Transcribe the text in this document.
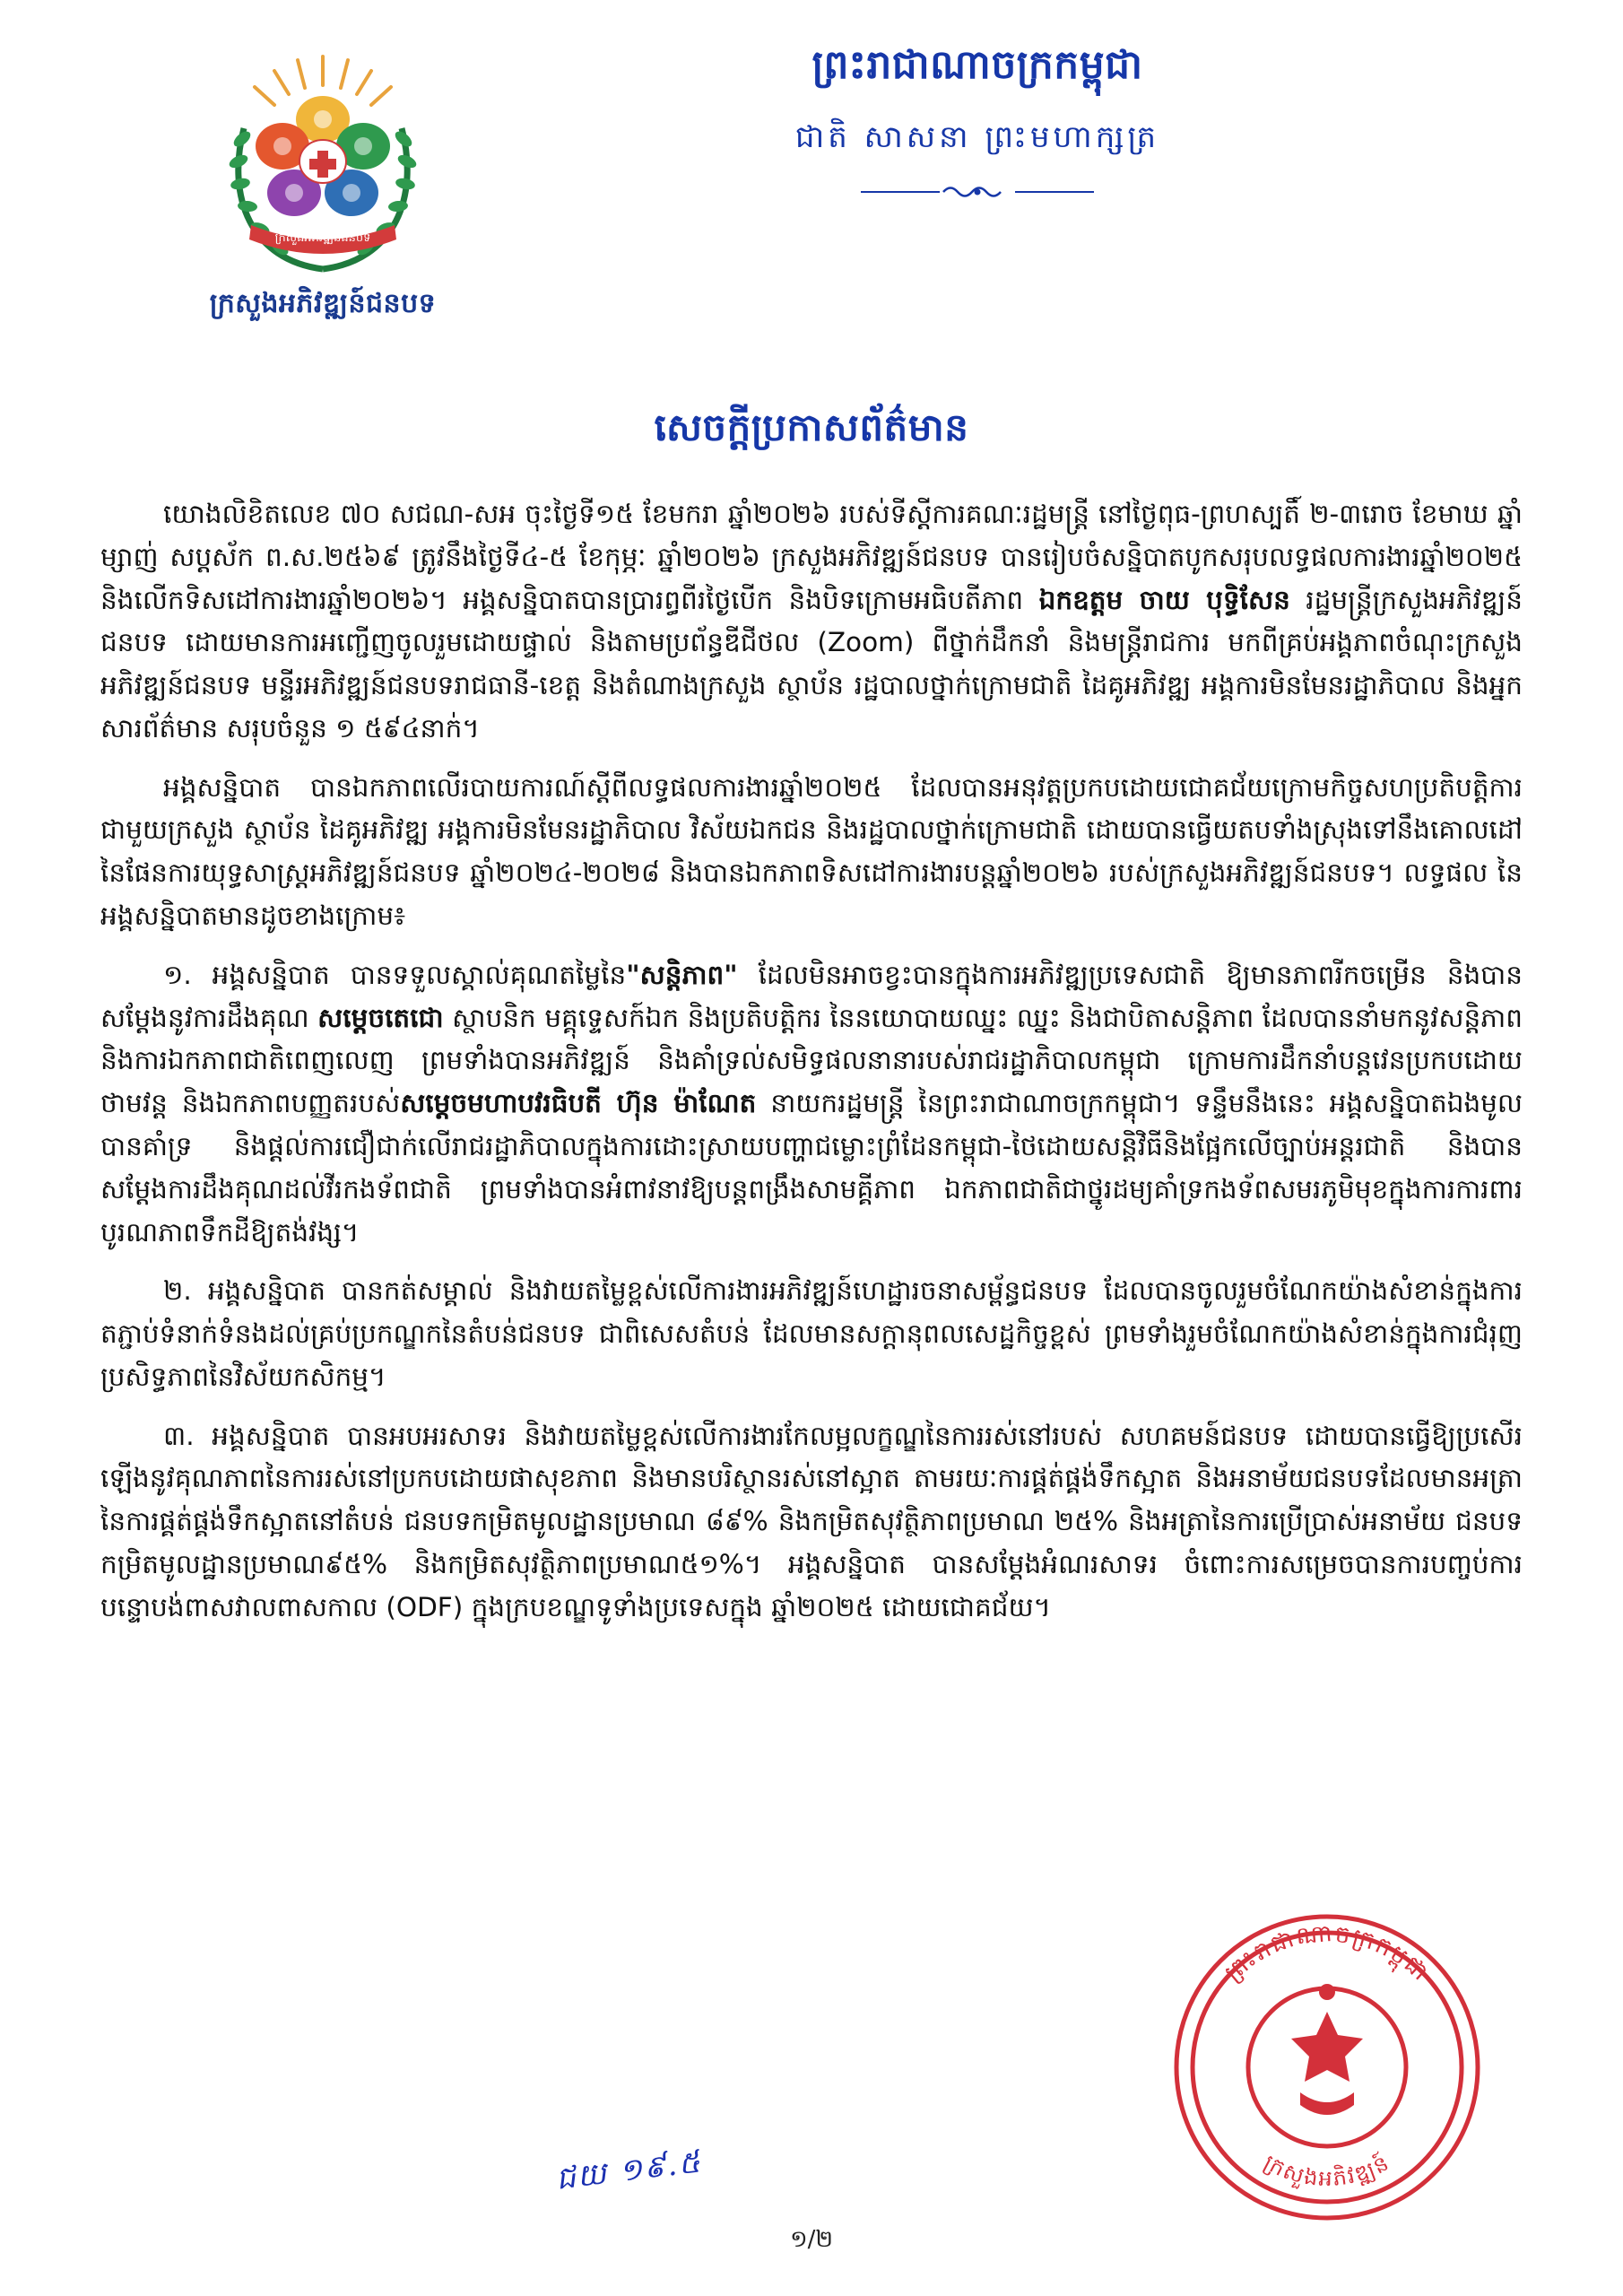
ក្រសួងអភិវឌ្ឍន៍ជនបទ
ក្រសួងអភិវឌ្ឍន៍ជនបទ
ព្រះរាជាណាចក្រកម្ពុជា
ជាតិ សាសនា ព្រះមហាក្សត្រ
សេចក្តីប្រកាសព័ត៌មាន

យោងលិខិតលេខ ៧០ សជណ-សអ ចុះថ្ងៃទី១៥ ខែមករា ឆ្នាំ២០២៦ របស់ទីស្តីការគណៈរដ្ឋមន្ត្រី នៅថ្ងៃពុធ-ព្រហស្បតិ៍ ២-៣រោច ខែមាឃ ឆ្នាំម្សាញ់ សប្តស័ក ព.ស.២៥៦៩ ត្រូវនឹងថ្ងៃទី៤-៥ ខែកុម្ភៈ ឆ្នាំ២០២៦ ក្រសួងអភិវឌ្ឍន៍ជនបទ បានរៀបចំសន្និបាតបូកសរុបលទ្ធផលការងារឆ្នាំ២០២៥ និងលើកទិសដៅការងារឆ្នាំ២០២៦។ អង្គសន្និបាតបានប្រារព្ធពីរថ្ងៃបើក និងបិទក្រោមអធិបតីភាព ឯកឧត្តម ចាយ បុទ្ធិសែន រដ្ឋមន្ត្រីក្រសួងអភិវឌ្ឍន៍ជនបទ ដោយមានការអញ្ជើញចូលរួមដោយផ្ទាល់ និងតាមប្រព័ន្ធឌីជីថល (Zoom) ពីថ្នាក់ដឹកនាំ និងមន្ត្រីរាជការ មកពីគ្រប់អង្គភាពចំណុះក្រសួងអភិវឌ្ឍន៍ជនបទ មន្ទីរអភិវឌ្ឍន៍ជនបទរាជធានី-ខេត្ត និងតំណាងក្រសួង ស្ថាប័ន រដ្ឋបាលថ្នាក់ក្រោមជាតិ ដៃគូអភិវឌ្ឍ អង្គការមិនមែនរដ្ឋាភិបាល និងអ្នកសារព័ត៌មាន សរុបចំនួន ១ ៥៩៤នាក់។

អង្គសន្និបាត បានឯកភាពលើរបាយការណ៍ស្តីពីលទ្ធផលការងារឆ្នាំ២០២៥ ដែលបានអនុវត្តប្រកបដោយជោគជ័យក្រោមកិច្ចសហប្រតិបត្តិការជាមួយក្រសួង ស្ថាប័ន ដៃគូអភិវឌ្ឍ អង្គការមិនមែនរដ្ឋាភិបាល វិស័យឯកជន និងរដ្ឋបាលថ្នាក់ក្រោមជាតិ ដោយបានធ្វើយតបទាំងស្រុងទៅនឹងគោលដៅនៃផែនការយុទ្ធសាស្ត្រអភិវឌ្ឍន៍ជនបទ ឆ្នាំ២០២៤-២០២៨ និងបានឯកភាពទិសដៅការងារបន្តឆ្នាំ២០២៦ របស់ក្រសួងអភិវឌ្ឍន៍ជនបទ។ លទ្ធផល នៃអង្គសន្និបាតមានដូចខាងក្រោម៖

១. អង្គសន្និបាត បានទទួលស្គាល់គុណតម្លៃនៃ"សន្តិភាព" ដែលមិនអាចខ្វះបានក្នុងការអភិវឌ្ឍប្រទេសជាតិ ឱ្យមានភាពរីកចម្រើន និងបានសម្តែងនូវការដឹងគុណ សម្តេចតេជោ ស្ថាបនិក មគ្គុទ្ទេសក៍ឯក និងប្រតិបត្តិករ នៃនយោបាយឈ្នះ ឈ្នះ និងជាបិតាសន្តិភាព ដែលបាននាំមកនូវសន្តិភាពនិងការឯកភាពជាតិពេញលេញ ព្រមទាំងបានអភិវឌ្ឍន៍ និងគាំទ្រល់សមិទ្ធផលនានារបស់រាជរដ្ឋាភិបាលកម្ពុជា ក្រោមការដឹកនាំបន្តវេនប្រកបដោយថាមវន្ត និងឯកភាពបញ្ញតរបស់សម្តេចមហាបវរធិបតី ហ៊ុន ម៉ាណែត នាយករដ្ឋមន្ត្រី នៃព្រះរាជាណាចក្រកម្ពុជា។ ទន្ទឹមនឹងនេះ អង្គសន្និបាតឯងមូលបានគាំទ្រ និងផ្តល់ការជឿជាក់លើរាជរដ្ឋាភិបាលក្នុងការដោះស្រាយបញ្ហាជម្លោះព្រំដែនកម្ពុជា-ថៃដោយសន្តិវិធីនិងផ្អែកលើច្បាប់អន្តរជាតិ និងបានសម្តែងការដឹងគុណដល់វីរកងទ័ពជាតិ ព្រមទាំងបានអំពាវនាវឱ្យបន្តពង្រឹងសាមគ្គីភាព ឯកភាពជាតិជាថ្នូរដម្យគាំទ្រកងទ័ពសមរភូមិមុខក្នុងការការពារ បូរណភាពទឹកដីឱ្យតង់វង្ស។

២. អង្គសន្និបាត បានកត់សម្គាល់ និងវាយតម្លៃខ្ពស់លើការងារអភិវឌ្ឍន៍ហេដ្ឋារចនាសម្ព័ន្ធជនបទ ដែលបានចូលរួមចំណែកយ៉ាងសំខាន់ក្នុងការតភ្ជាប់ទំនាក់ទំនងដល់គ្រប់ប្រកណ្ឌកនៃតំបន់ជនបទ ជាពិសេសតំបន់ ដែលមានសក្តានុពលសេដ្ឋកិច្ចខ្ពស់ ព្រមទាំងរួមចំណែកយ៉ាងសំខាន់ក្នុងការជំរុញប្រសិទ្ធភាពនៃវិស័យកសិកម្ម។

៣. អង្គសន្និបាត បានអបអរសាទរ និងវាយតម្លៃខ្ពស់លើការងារកែលម្អលក្ខណ្ឌនៃការរស់នៅរបស់ សហគមន៍ជនបទ ដោយបានធ្វើឱ្យប្រសើរឡើងនូវគុណភាពនៃការរស់នៅប្រកបដោយផាសុខភាព និងមានបរិស្ថានរស់នៅស្អាត តាមរយៈការផ្គត់ផ្គង់ទឹកស្អាត និងអនាម័យជនបទដែលមានអត្រានៃការផ្គត់ផ្គង់ទឹកស្អាតនៅតំបន់ ជនបទកម្រិតមូលដ្ឋានប្រមាណ ៨៩% និងកម្រិតសុវត្ថិភាពប្រមាណ ២៥% និងអត្រានៃការប្រើប្រាស់អនាម័យ ជនបទកម្រិតមូលដ្ឋានប្រមាណ៩៥% និងកម្រិតសុវត្ថិភាពប្រមាណ៥១%។ អង្គសន្និបាត បានសម្ដែងអំណរសាទរ ចំពោះការសម្រេចបានការបញ្ចប់ការបន្ទោបង់ពាសវាលពាសកាល (ODF) ក្នុងក្របខណ្ឌទូទាំងប្រទេសក្នុង ឆ្នាំ២០២៥ ដោយជោគជ័យ។

ជយ ១៩.៥
ព្រះរាជាណាចក្រកម្ពុជា
ក្រសួងអភិវឌ្ឍន៍
១/២
